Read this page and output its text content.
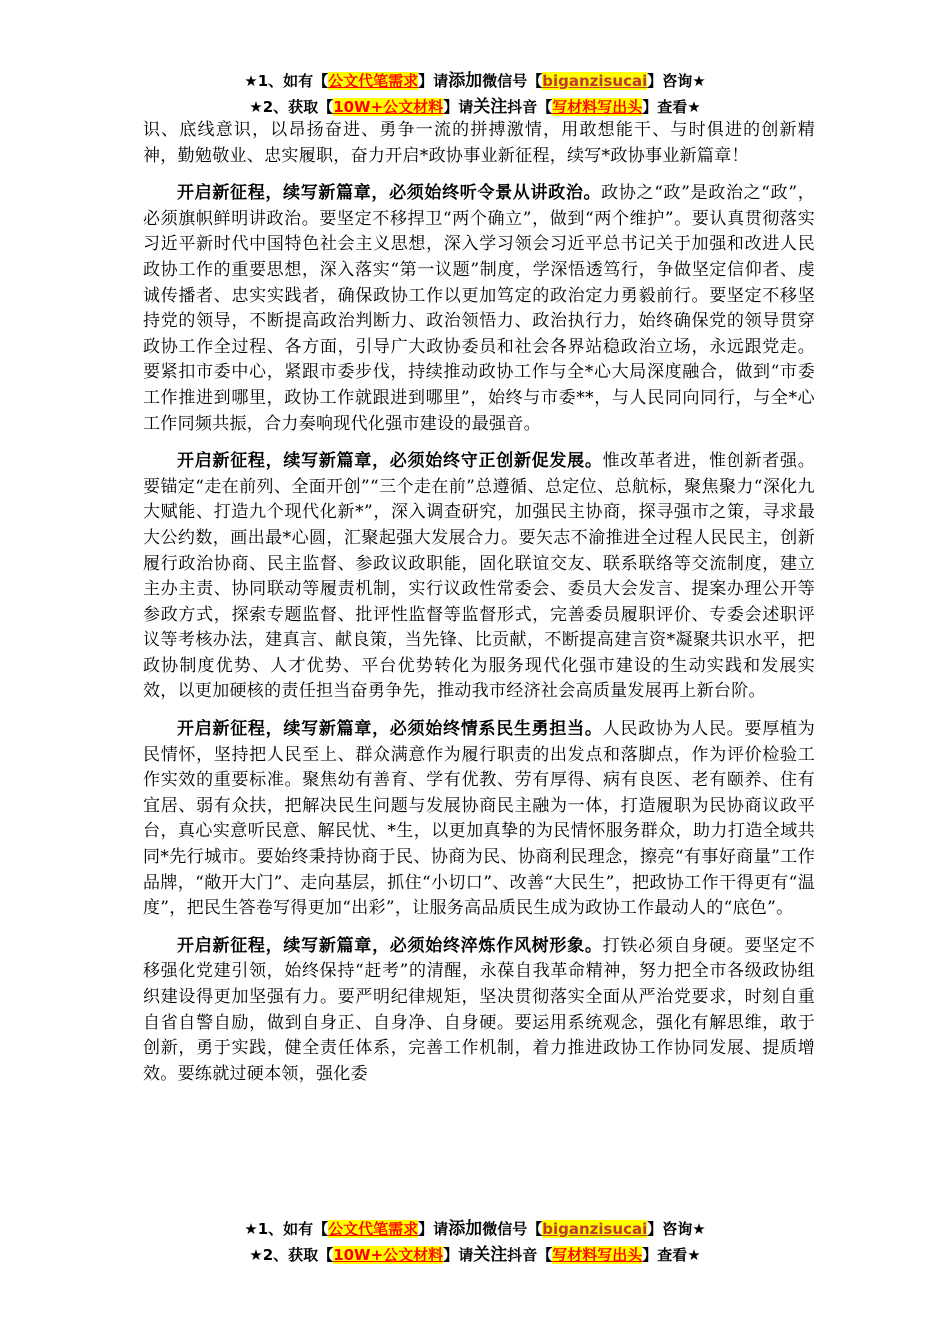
★1、如有【公文代笔需求】请添加微信号【biganzisucai】咨询★
★2、获取【10W+公文材料】请关注抖音【写材料写出头】查看★

识、底线意识，以昂扬奋进、勇争一流的拼搏激情，用敢想能干、与时俱进的创新精神，勤勉敬业、忠实履职，奋力开启*政协事业新征程，续写*政协事业新篇章！

开启新征程，续写新篇章，必须始终听令景从讲政治。政协之“政”是政治之“政”，必须旗帜鲜明讲政治。要坚定不移捍卫“两个确立”，做到“两个维护”。要认真贯彻落实习近平新时代中国特色社会主义思想，深入学习领会习近平总书记关于加强和改进人民政协工作的重要思想，深入落实“第一议题”制度，学深悟透笃行，争做坚定信仰者、虔诚传播者、忠实实践者，确保政协工作以更加笃定的政治定力勇毅前行。要坚定不移坚持党的领导，不断提高政治判断力、政治领悟力、政治执行力，始终确保党的领导贯穿政协工作全过程、各方面，引导广大政协委员和社会各界站稳政治立场，永远跟党走。要紧扣市委中心，紧跟市委步伐，持续推动政协工作与全*心大局深度融合，做到“市委工作推进到哪里，政协工作就跟进到哪里”，始终与市委**，与人民同向同行，与全*心工作同频共振，合力奏响现代化强市建设的最强音。

开启新征程，续写新篇章，必须始终守正创新促发展。惟改革者进，惟创新者强。要锚定“走在前列、全面开创”“三个走在前”总遵循、总定位、总航标，聚焦聚力“深化九大赋能、打造九个现代化新*”，深入调查研究，加强民主协商，探寻强市之策，寻求最大公约数，画出最*心圆，汇聚起强大发展合力。要矢志不渝推进全过程人民民主，创新履行政治协商、民主监督、参政议政职能，固化联谊交友、联系联络等交流制度，建立主办主责、协同联动等履责机制，实行议政性常委会、委员大会发言、提案办理公开等参政方式，探索专题监督、批评性监督等监督形式，完善委员履职评价、专委会述职评议等考核办法，建真言、献良策，当先锋、比贡献，不断提高建言资*凝聚共识水平，把政协制度优势、人才优势、平台优势转化为服务现代化强市建设的生动实践和发展实效，以更加硬核的责任担当奋勇争先，推动我市经济社会高质量发展再上新台阶。

开启新征程，续写新篇章，必须始终情系民生勇担当。人民政协为人民。要厚植为民情怀，坚持把人民至上、群众满意作为履行职责的出发点和落脚点，作为评价检验工作实效的重要标准。聚焦幼有善育、学有优教、劳有厚得、病有良医、老有颐养、住有宜居、弱有众扶，把解决民生问题与发展协商民主融为一体，打造履职为民协商议政平台，真心实意听民意、解民忧、*生，以更加真挚的为民情怀服务群众，助力打造全域共同*先行城市。要始终秉持协商于民、协商为民、协商利民理念，擦亮“有事好商量”工作品牌，“敞开大门”、走向基层，抓住“小切口”、改善“大民生”，把政协工作干得更有“温度”，把民生答卷写得更加“出彩”，让服务高品质民生成为政协工作最动人的“底色”。

开启新征程，续写新篇章，必须始终淬炼作风树形象。打铁必须自身硬。要坚定不移强化党建引领，始终保持“赶考”的清醒，永葆自我革命精神，努力把全市各级政协组织建设得更加坚强有力。要严明纪律规矩，坚决贯彻落实全面从严治党要求，时刻自重自省自警自励，做到自身正、自身净、自身硬。要运用系统观念，强化有解思维，敢于创新，勇于实践，健全责任体系，完善工作机制，着力推进政协工作协同发展、提质增效。要练就过硬本领，强化委

★1、如有【公文代笔需求】请添加微信号【biganzisucai】咨询★
★2、获取【10W+公文材料】请关注抖音【写材料写出头】查看★
